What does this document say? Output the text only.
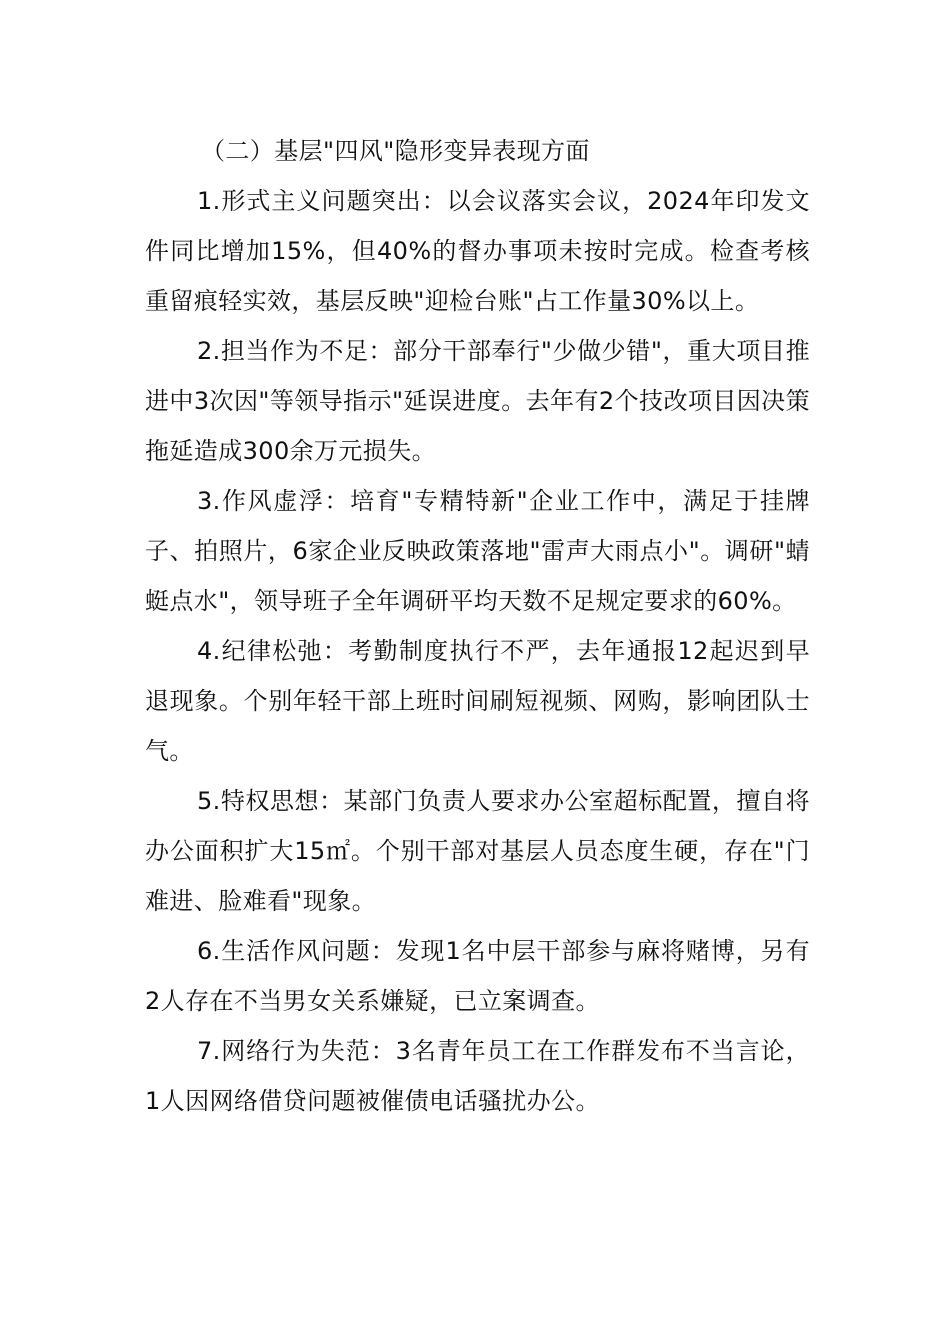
（二）基层"四风"隐形变异表现方面

1.形式主义问题突出：以会议落实会议，2024年印发文件同比增加15%，但40%的督办事项未按时完成。检查考核重留痕轻实效，基层反映"迎检台账"占工作量30%以上。

2.担当作为不足：部分干部奉行"少做少错"，重大项目推进中3次因"等领导指示"延误进度。去年有2个技改项目因决策拖延造成300余万元损失。

3.作风虚浮：培育"专精特新"企业工作中，满足于挂牌子、拍照片，6家企业反映政策落地"雷声大雨点小"。调研"蜻蜓点水"，领导班子全年调研平均天数不足规定要求的60%。

4.纪律松弛：考勤制度执行不严，去年通报12起迟到早退现象。个别年轻干部上班时间刷短视频、网购，影响团队士气。

5.特权思想：某部门负责人要求办公室超标配置，擅自将办公面积扩大15㎡。个别干部对基层人员态度生硬，存在"门难进、脸难看"现象。

6.生活作风问题：发现1名中层干部参与麻将赌博，另有2人存在不当男女关系嫌疑，已立案调查。

7.网络行为失范：3名青年员工在工作群发布不当言论，1人因网络借贷问题被催债电话骚扰办公。
